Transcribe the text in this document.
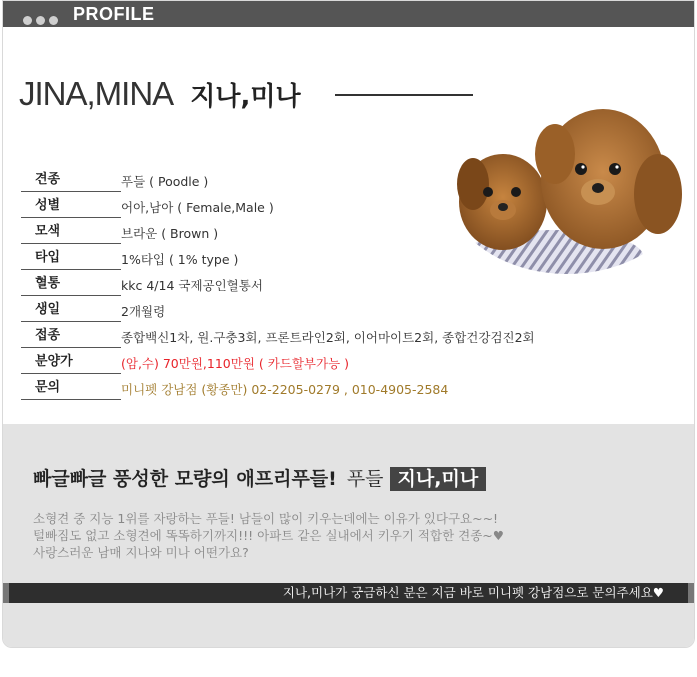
PROFILE
JINA,MINA 지나,미나
견종	푸들 ( Poodle )
성별	어아,남아 ( Female,Male )
모색	브라운 ( Brown )
타입	1%타입 ( 1% type )
혈통	kkc 4/14 국제공인혈통서
생일	2개월령
접종	종합백신1차, 원.구충3회, 프론트라인2회, 이어마이트2회, 종합건강검진2회
분양가	(암,수) 70만원,110만원 ( 카드할부가능 )
문의	미니펫 강남점 (황종만) 02-2205-0279 , 010-4905-2584
빠글빠글 풍성한 모량의 애프리푸들! 푸들 지나,미나
소형견 중 지능 1위를 자랑하는 푸들! 남들이 많이 키우는데에는 이유가 있다구요~~!
털빠짐도 없고 소형견에 똑똑하기까지!!! 아파트 같은 실내에서 키우기 적합한 견종~♥
사랑스러운 남매 지나와 미나 어떤가요?
지나,미나가 궁금하신 분은 지금 바로 미니펫 강남점으로 문의주세요♥
